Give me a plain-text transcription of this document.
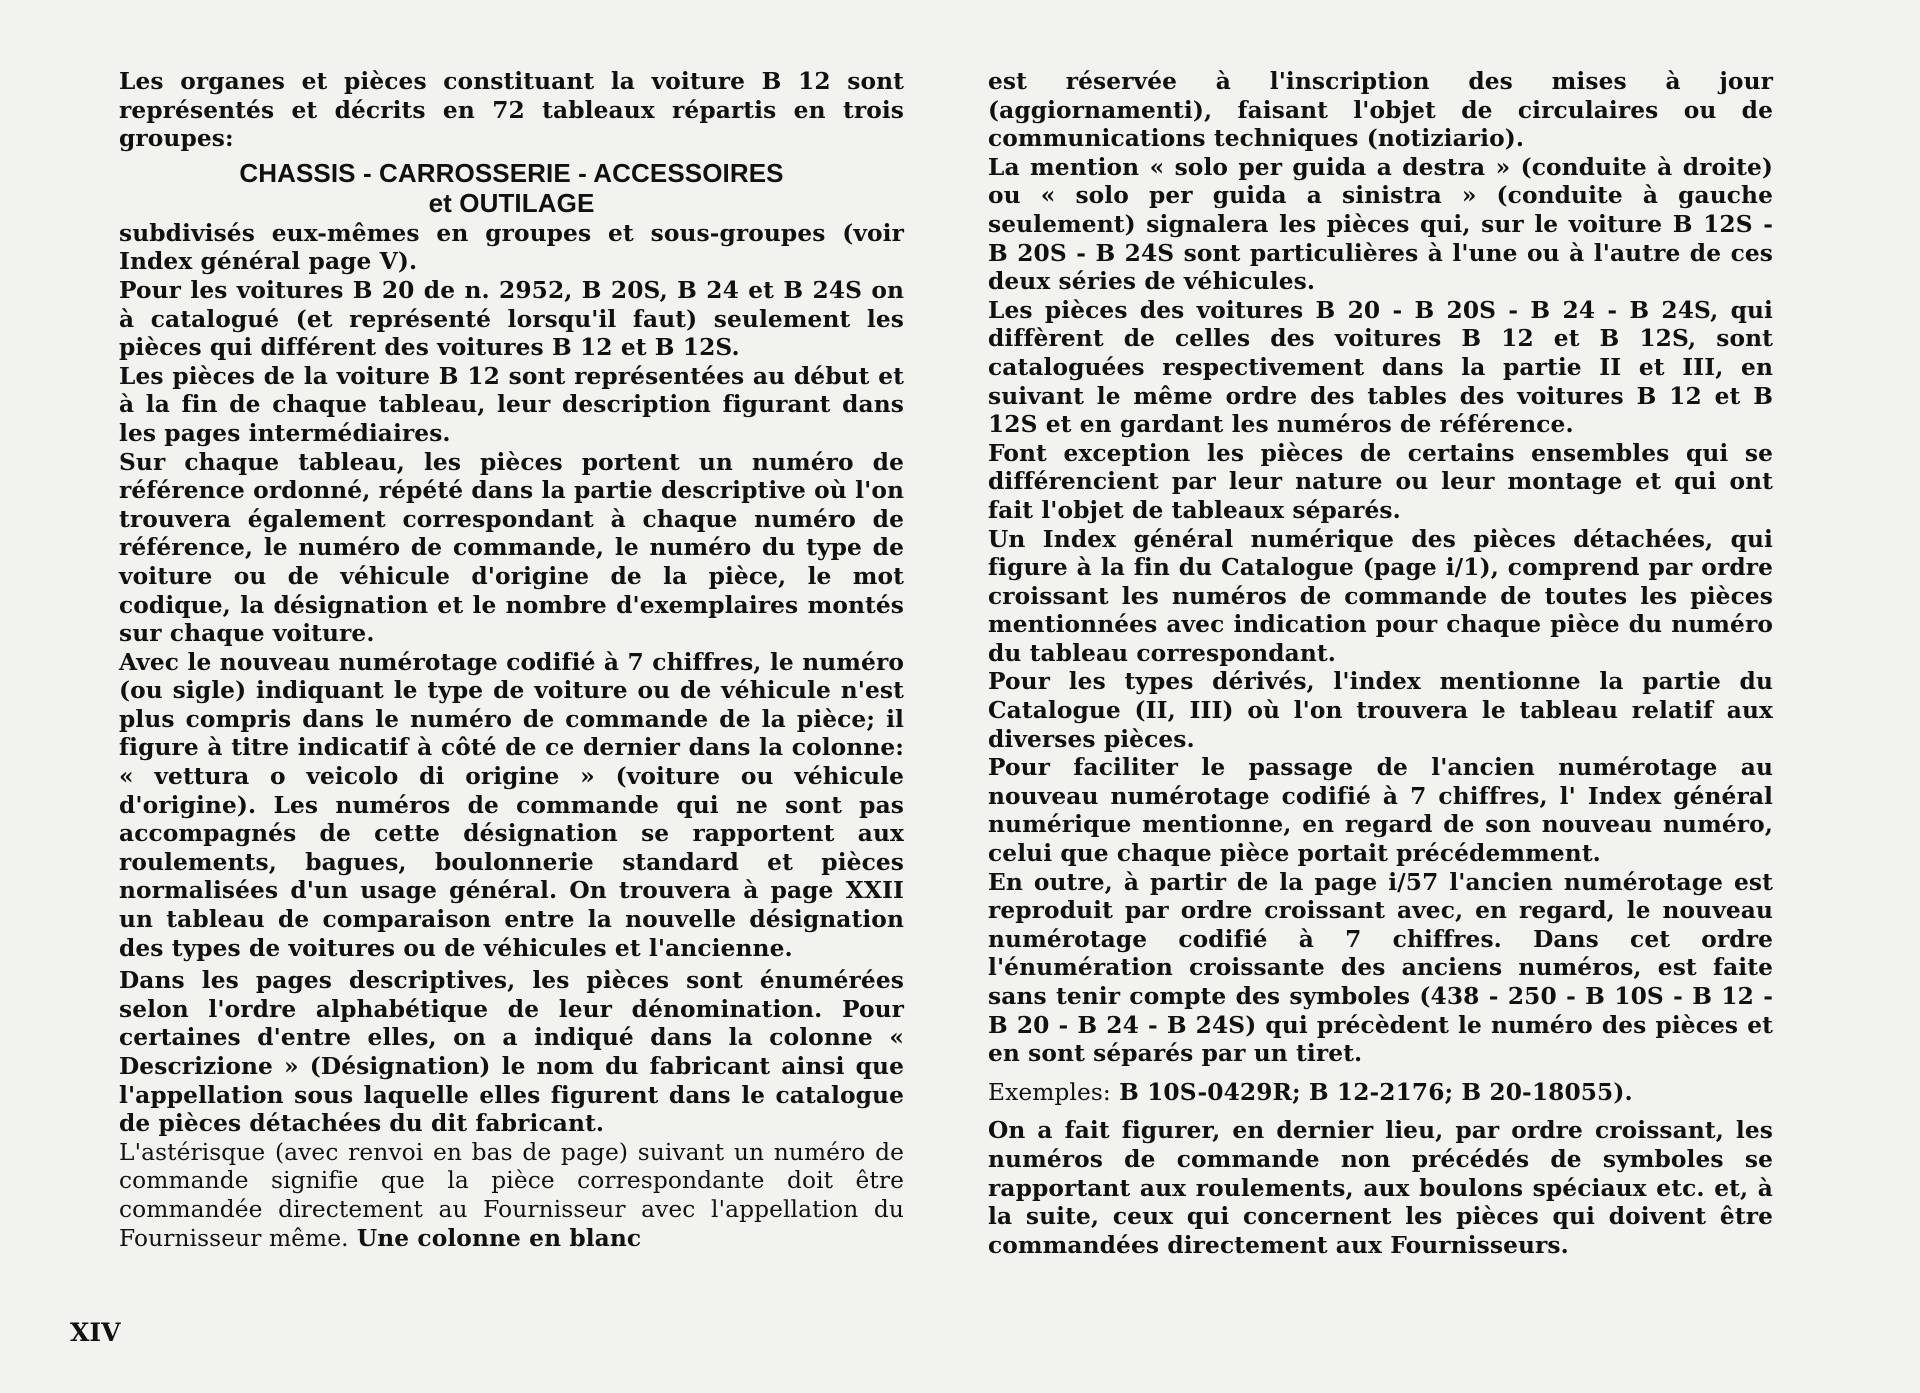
Les organes et pièces constituant la voiture B 12 sont représentés et décrits en 72 tableaux répartis en trois groupes:

CHASSIS - CARROSSERIE - ACCESSOIRES
et OUTILAGE

subdivisés eux-mêmes en groupes et sous-groupes (voir Index général page V).

Pour les voitures B 20 de n. 2952, B 20S, B 24 et B 24S on à catalogué (et représenté lorsqu'il faut) seulement les pièces qui différent des voitures B 12 et B 12S.

Les pièces de la voiture B 12 sont représentées au début et à la fin de chaque tableau, leur description figurant dans les pages intermédiaires.

Sur chaque tableau, les pièces portent un numéro de référence ordonné, répété dans la partie descriptive où l'on trouvera également correspondant à chaque numéro de référence, le numéro de commande, le numéro du type de voiture ou de véhicule d'origine de la pièce, le mot codique, la désignation et le nombre d'exemplaires montés sur chaque voiture.

Avec le nouveau numérotage codifié à 7 chiffres, le numéro (ou sigle) indiquant le type de voiture ou de véhicule n'est plus compris dans le numéro de commande de la pièce; il figure à titre indicatif à côté de ce dernier dans la colonne: « vettura o veicolo di origine » (voiture ou véhicule d'origine). Les numéros de commande qui ne sont pas accompagnés de cette désignation se rapportent aux roulements, bagues, boulonnerie standard et pièces normalisées d'un usage général. On trouvera à page XXII un tableau de comparaison entre la nouvelle désignation des types de voitures ou de véhicules et l'ancienne.

Dans les pages descriptives, les pièces sont énumérées selon l'ordre alphabétique de leur dénomination. Pour certaines d'entre elles, on a indiqué dans la colonne « Descrizione » (Désignation) le nom du fabricant ainsi que l'appellation sous laquelle elles figurent dans le catalogue de pièces détachées du dit fabricant.

L'astérisque (avec renvoi en bas de page) suivant un numéro de commande signifie que la pièce correspondante doit être commandée directement au Fournisseur avec l'appellation du Fournisseur même. Une colonne en blanc

est réservée à l'inscription des mises à jour (aggiornamenti), faisant l'objet de circulaires ou de communications techniques (notiziario).

La mention « solo per guida a destra » (conduite à droite) ou « solo per guida a sinistra » (conduite à gauche seulement) signalera les pièces qui, sur le voiture B 12S - B 20S - B 24S sont particulières à l'une ou à l'autre de ces deux séries de véhicules.

Les pièces des voitures B 20 - B 20S - B 24 - B 24S, qui diffèrent de celles des voitures B 12 et B 12S, sont cataloguées respectivement dans la partie II et III, en suivant le même ordre des tables des voitures B 12 et B 12S et en gardant les numéros de référence.

Font exception les pièces de certains ensembles qui se différencient par leur nature ou leur montage et qui ont fait l'objet de tableaux séparés.

Un Index général numérique des pièces détachées, qui figure à la fin du Catalogue (page i/1), comprend par ordre croissant les numéros de commande de toutes les pièces mentionnées avec indication pour chaque pièce du numéro du tableau correspondant.

Pour les types dérivés, l'index mentionne la partie du Catalogue (II, III) où l'on trouvera le tableau relatif aux diverses pièces.

Pour faciliter le passage de l'ancien numérotage au nouveau numérotage codifié à 7 chiffres, l' Index général numérique mentionne, en regard de son nouveau numéro, celui que chaque pièce portait précédemment.

En outre, à partir de la page i/57 l'ancien numérotage est reproduit par ordre croissant avec, en regard, le nouveau numérotage codifié à 7 chiffres. Dans cet ordre l'énumération croissante des anciens numéros, est faite sans tenir compte des symboles (438 - 250 - B 10S - B 12 - B 20 - B 24 - B 24S) qui précèdent le numéro des pièces et en sont séparés par un tiret.

Exemples: B 10S-0429R; B 12-2176; B 20-18055).

On a fait figurer, en dernier lieu, par ordre croissant, les numéros de commande non précédés de symboles se rapportant aux roulements, aux boulons spéciaux etc. et, à la suite, ceux qui concernent les pièces qui doivent être commandées directement aux Fournisseurs.

XIV
